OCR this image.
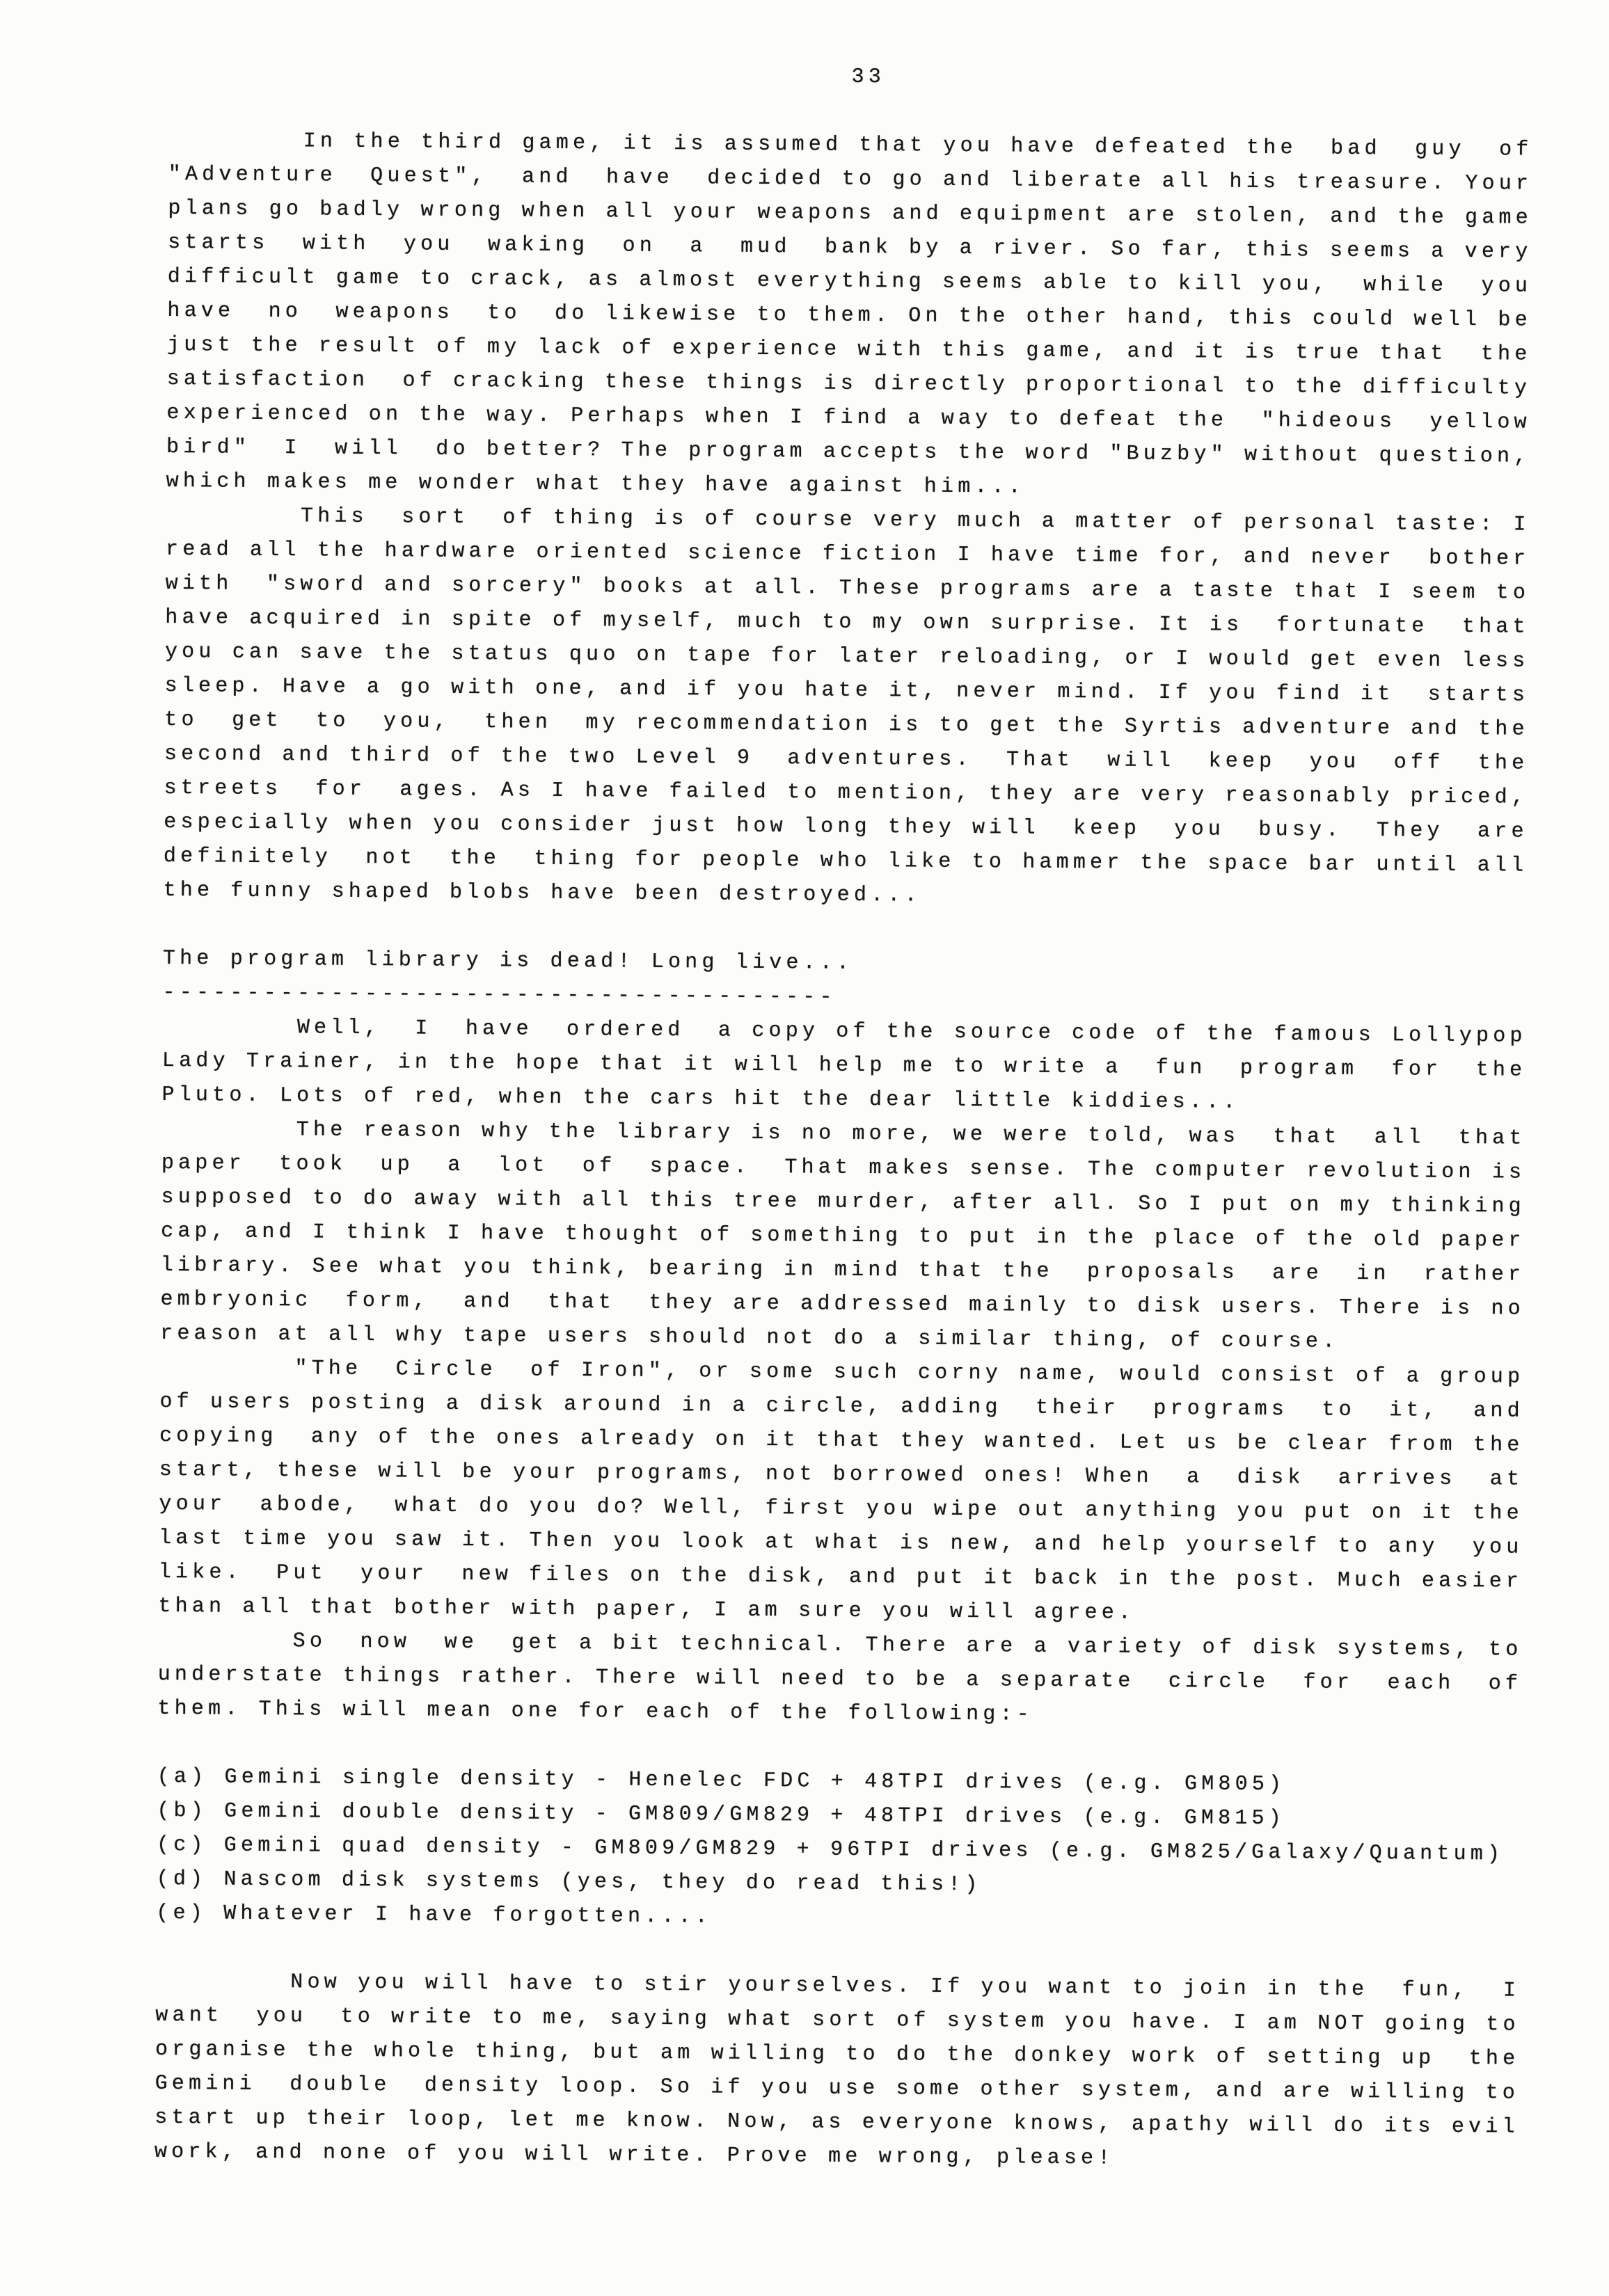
33

In the third game, it is assumed that you have defeated the  bad  guy  of
"Adventure  Quest",  and  have  decided to go and liberate all his treasure. Your
plans go badly wrong when all your weapons and equipment are stolen, and the game
starts  with  you  waking  on  a  mud  bank by a river. So far, this seems a very
difficult game to crack, as almost everything seems able to kill you,  while  you
have  no  weapons  to  do likewise to them. On the other hand, this could well be
just the result of my lack of experience with this game, and it is true that  the
satisfaction  of cracking these things is directly proportional to the difficulty
experienced on the way. Perhaps when I find a way to defeat the  "hideous  yellow
bird"  I  will  do better? The program accepts the word "Buzby" without question,
which makes me wonder what they have against him...
This  sort  of thing is of course very much a matter of personal taste: I
read all the hardware oriented science fiction I have time for, and never  bother
with  "sword and sorcery" books at all. These programs are a taste that I seem to
have acquired in spite of myself, much to my own surprise. It is  fortunate  that
you can save the status quo on tape for later reloading, or I would get even less
sleep. Have a go with one, and if you hate it, never mind. If you find it  starts
to  get  to  you,  then  my recommendation is to get the Syrtis adventure and the
second and third of the two Level 9  adventures.  That  will  keep  you  off  the
streets  for  ages. As I have failed to mention, they are very reasonably priced,
especially when you consider just how long they will  keep  you  busy.  They  are
definitely  not  the  thing for people who like to hammer the space bar until all
the funny shaped blobs have been destroyed...

The program library is dead! Long live...
----------------------------------------
Well,  I  have  ordered  a copy of the source code of the famous Lollypop
Lady Trainer, in the hope that it will help me to write a  fun  program  for  the
Pluto. Lots of red, when the cars hit the dear little kiddies...
The reason why the library is no more, we were told, was  that  all  that
paper  took  up  a  lot  of  space.  That makes sense. The computer revolution is
supposed to do away with all this tree murder, after all. So I put on my thinking
cap, and I think I have thought of something to put in the place of the old paper
library. See what you think, bearing in mind that the  proposals  are  in  rather
embryonic  form,  and  that  they are addressed mainly to disk users. There is no
reason at all why tape users should not do a similar thing, of course.
"The  Circle  of Iron", or some such corny name, would consist of a group
of users posting a disk around in a circle, adding  their  programs  to  it,  and
copying  any of the ones already on it that they wanted. Let us be clear from the
start, these will be your programs, not borrowed ones! When  a  disk  arrives  at
your  abode,  what do you do? Well, first you wipe out anything you put on it the
last time you saw it. Then you look at what is new, and help yourself to any  you
like.  Put  your  new files on the disk, and put it back in the post. Much easier
than all that bother with paper, I am sure you will agree.
So  now  we  get a bit technical. There are a variety of disk systems, to
understate things rather. There will need to be a separate  circle  for  each  of
them. This will mean one for each of the following:-

(a) Gemini single density - Henelec FDC + 48TPI drives (e.g. GM805)
(b) Gemini double density - GM809/GM829 + 48TPI drives (e.g. GM815)
(c) Gemini quad density - GM809/GM829 + 96TPI drives (e.g. GM825/Galaxy/Quantum)
(d) Nascom disk systems (yes, they do read this!)
(e) Whatever I have forgotten....

Now you will have to stir yourselves. If you want to join in the  fun,  I
want  you  to write to me, saying what sort of system you have. I am NOT going to
organise the whole thing, but am willing to do the donkey work of setting up  the
Gemini  double  density loop. So if you use some other system, and are willing to
start up their loop, let me know. Now, as everyone knows, apathy will do its evil
work, and none of you will write. Prove me wrong, please!
